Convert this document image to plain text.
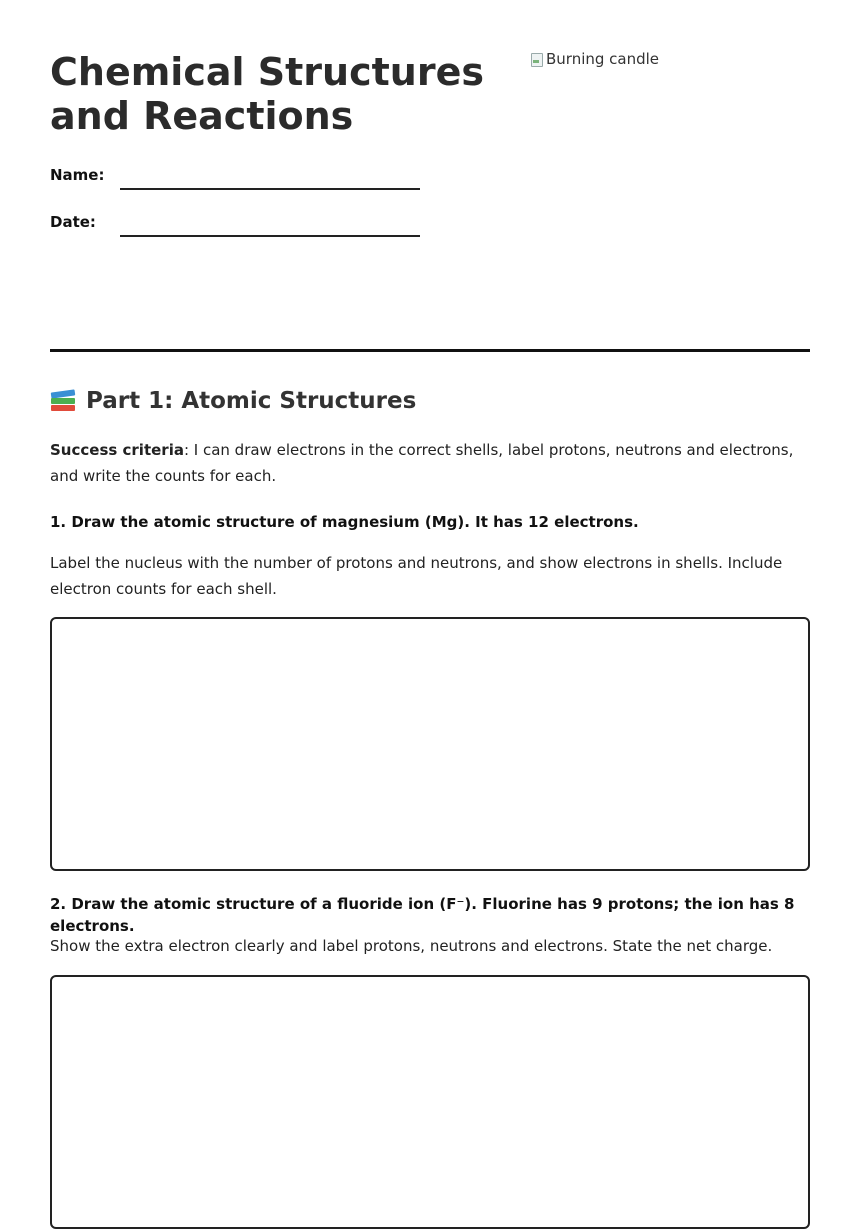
Chemical Structures and Reactions
Burning candle
Name:
Date:
Part 1: Atomic Structures

Success criteria: I can draw electrons in the correct shells, label protons, neutrons and electrons, and write the counts for each.

1. Draw the atomic structure of magnesium (Mg). It has 12 electrons.

Label the nucleus with the number of protons and neutrons, and show electrons in shells. Include electron counts for each shell.

2. Draw the atomic structure of a fluoride ion (F⁻). Fluorine has 9 protons; the ion has 8 electrons.

Show the extra electron clearly and label protons, neutrons and electrons. State the net charge.
